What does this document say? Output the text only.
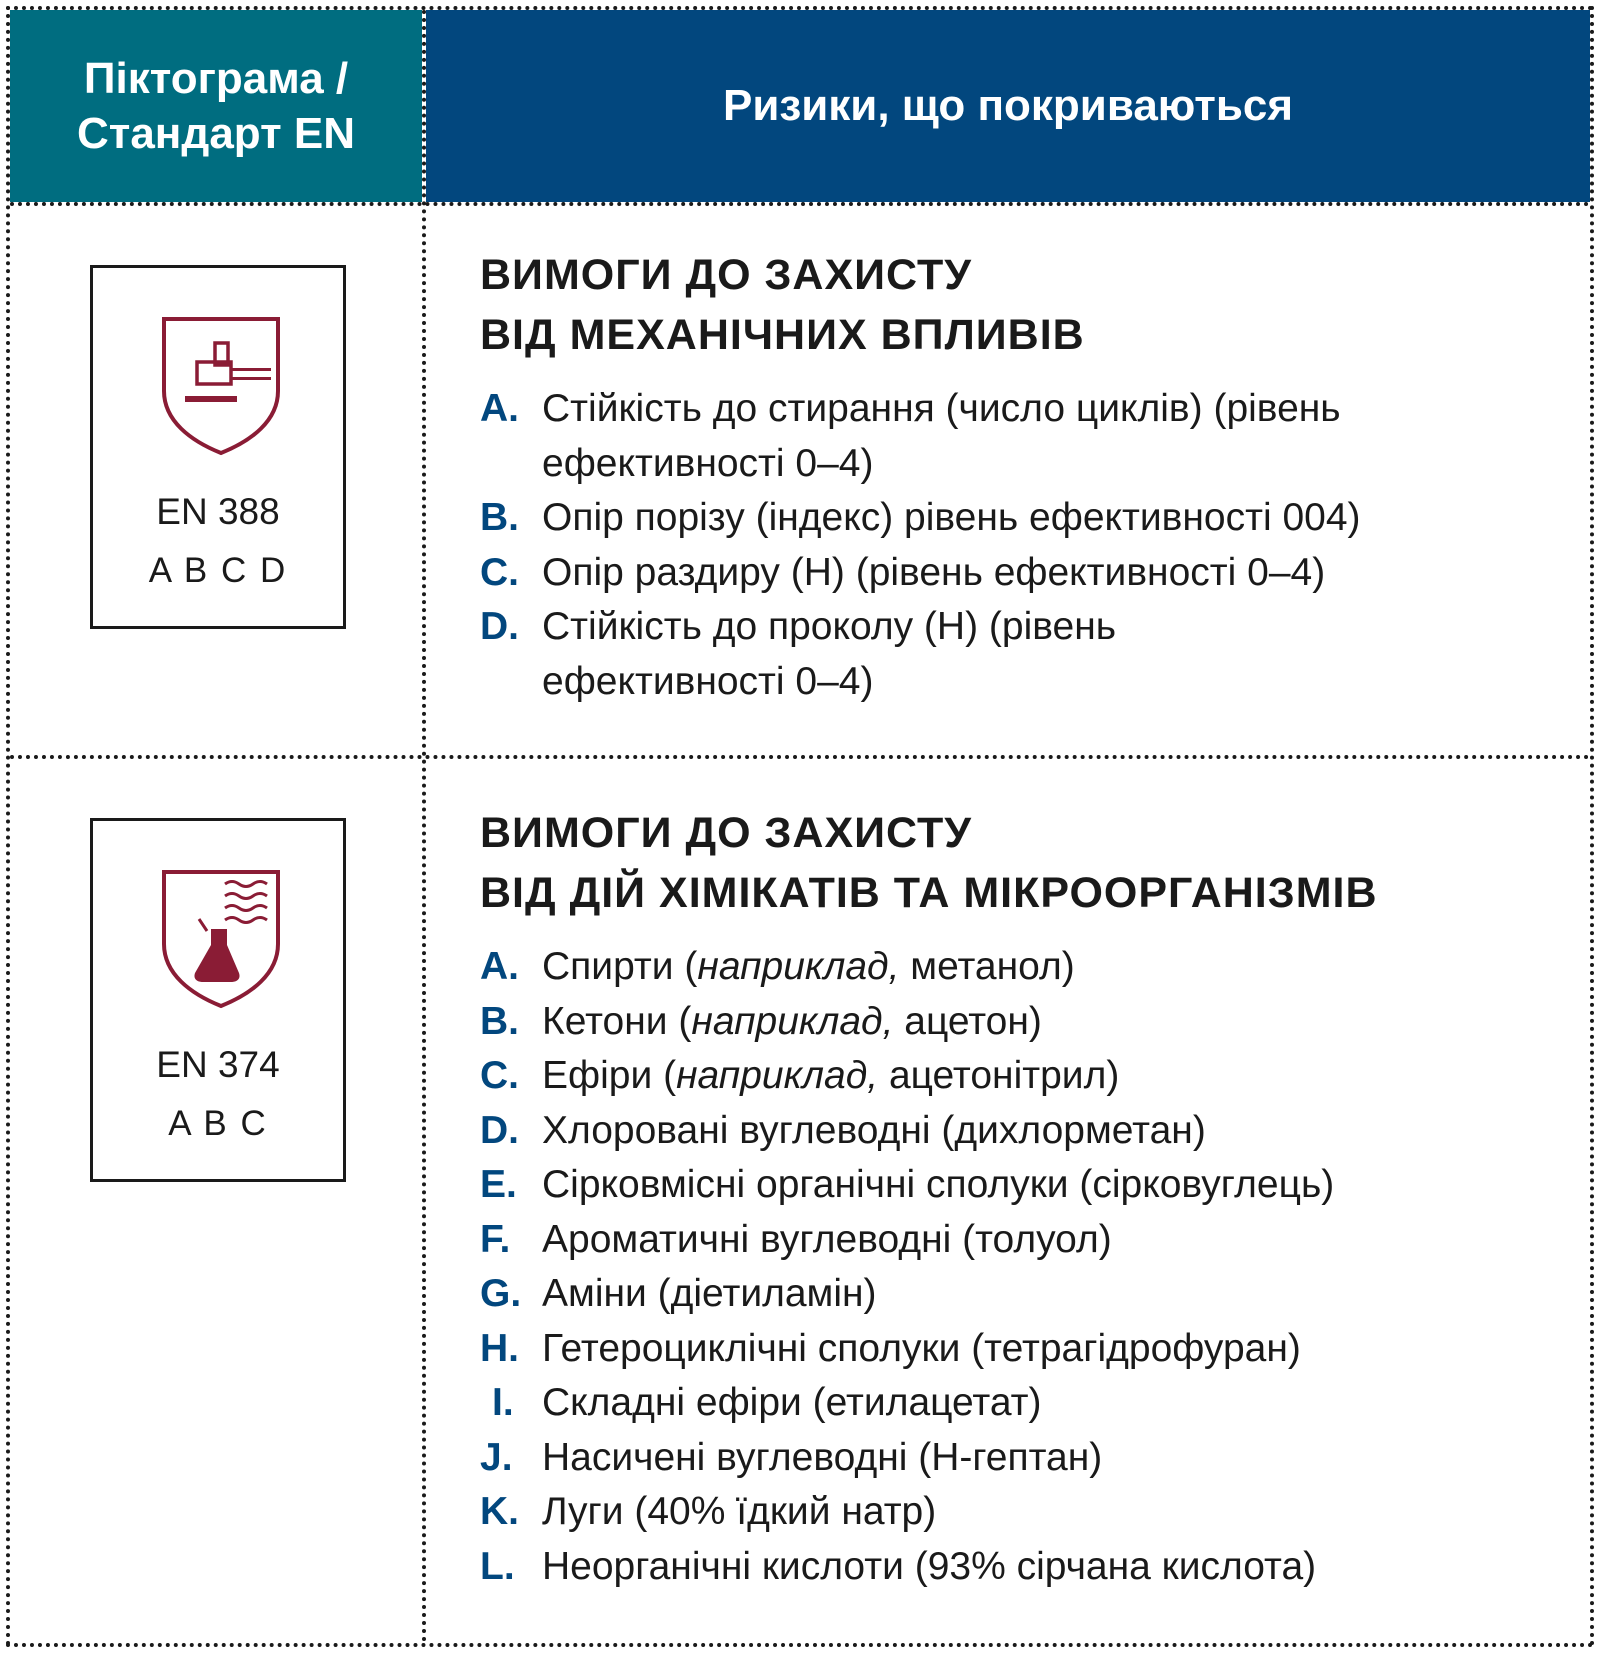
Піктограма /
Стандарт EN
Ризики, що покриваються
EN 388
A B C D
ВИМОГИ ДО ЗАХИСТУ
ВІД МЕХАНІЧНИХ ВПЛИВІВ
A. Стійкість до стирання (число циклів) (рівень ефективності 0–4)
B. Опір порізу (індекс) рівень ефективності 004)
C. Опір раздиру (Н) (рівень ефективності 0–4)
D. Стійкість до проколу (Н) (рівень ефективності 0–4)
EN 374
A B C
ВИМОГИ ДО ЗАХИСТУ
ВІД ДІЙ ХІМІКАТІВ ТА МІКРООРГАНІЗМІВ
A. Спирти (наприклад, метанол)
B. Кетони (наприклад, ацетон)
C. Ефіри (наприклад, ацетонітрил)
D. Хлоровані вуглеводні (дихлорметан)
E. Сірковмісні органічні сполуки (сірковуглець)
F. Ароматичні вуглеводні (толуол)
G. Аміни (діетиламін)
H. Гетероциклічні сполуки (тетрагідрофуран)
I. Складні ефіри (етилацетат)
J. Насичені вуглеводні (Н-гептан)
K. Луги (40% їдкий натр)
L. Неорганічні кислоти (93% сірчана кислота)
